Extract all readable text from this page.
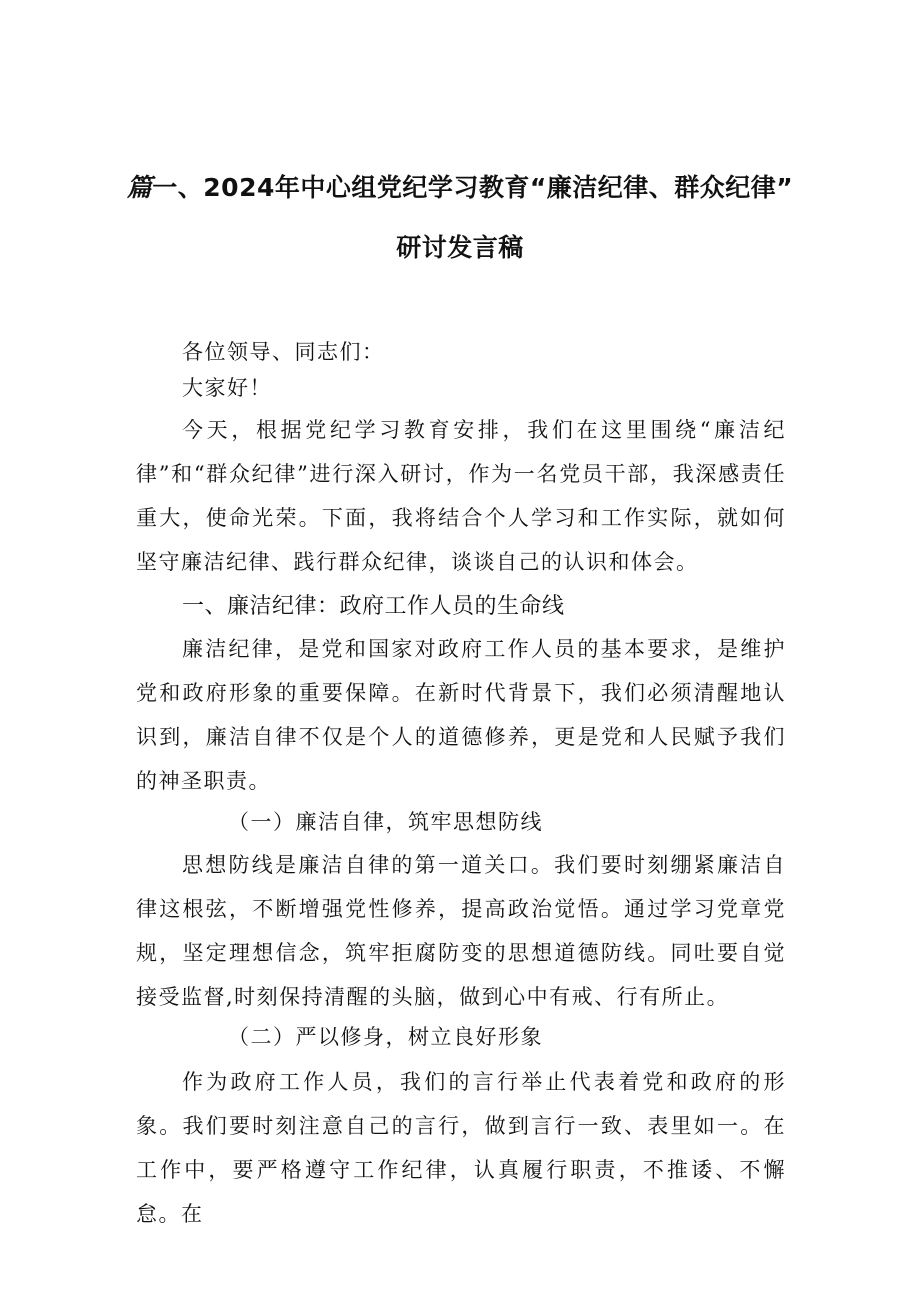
篇一、2024年中心组党纪学习教育“廉洁纪律、群众纪律”
研讨发言稿
各位领导、同志们：
大家好！
今天，根据党纪学习教育安排，我们在这里围绕“廉洁纪律”和“群众纪律”进行深入研讨，作为一名党员干部，我深感责任重大，使命光荣。下面，我将结合个人学习和工作实际，就如何坚守廉洁纪律、践行群众纪律，谈谈自己的认识和体会。
一、廉洁纪律：政府工作人员的生命线
廉洁纪律，是党和国家对政府工作人员的基本要求，是维护党和政府形象的重要保障。在新时代背景下，我们必须清醒地认识到，廉洁自律不仅是个人的道德修养，更是党和人民赋予我们的神圣职责。
（一）廉洁自律，筑牢思想防线
思想防线是廉洁自律的第一道关口。我们要时刻绷紧廉洁自律这根弦，不断增强党性修养，提高政治觉悟。通过学习党章党规，坚定理想信念，筑牢拒腐防变的思想道德防线。同吐要自觉接受监督,时刻保持清醒的头脑，做到心中有戒、行有所止。
（二）严以修身，树立良好形象
作为政府工作人员，我们的言行举止代表着党和政府的形象。我们要时刻注意自己的言行，做到言行一致、表里如一。在工作中，要严格遵守工作纪律，认真履行职责，不推诿、不懈怠。在
